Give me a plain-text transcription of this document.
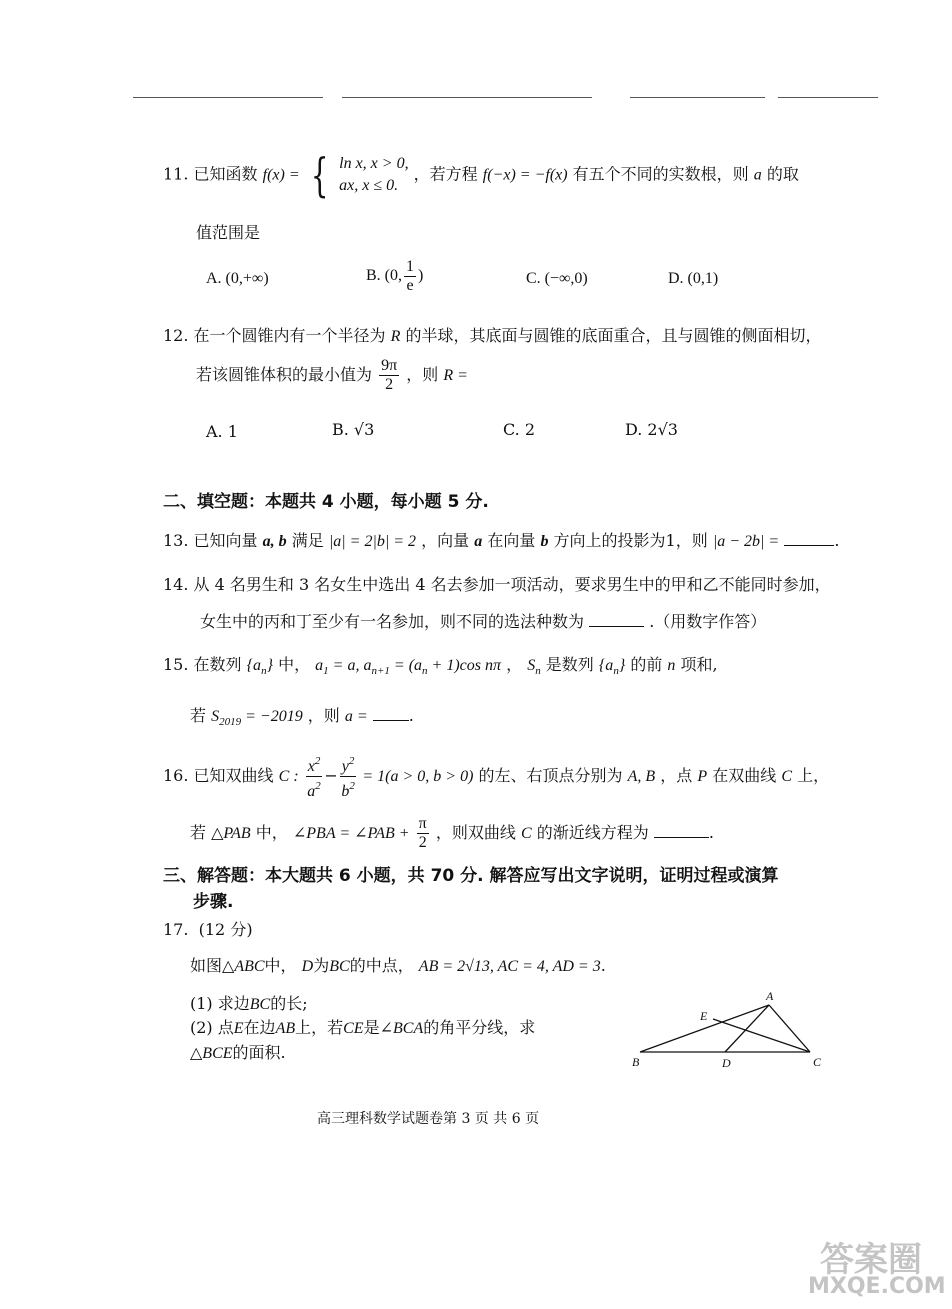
11. 已知函数 f(x) = { ln x, x > 0,
ax, x ≤ 0.
，若方程 f(−x) = −f(x) 有五个不同的实数根，则 a 的取
值范围是
A. (0,+∞)	B. (0, $\frac{1}{e}$ )	C. (−∞,0)	D. (0,1)
12. 在一个圆锥内有一个半径为 R 的半球，其底面与圆锥的底面重合，且与圆锥的侧面相切，
若该圆锥体积的最小值为 $\frac{9\pi}{2}$ ，则 R =
A. 1	B. √3	C. 2	D. 2√3
二、填空题：本题共 4 小题，每小题 5 分.
13. 已知向量 a, b 满足 |a| = 2|b| = 2 ，向量 a 在向量 b 方向上的投影为1，则 |a − 2b| =	.
14. 从 4 名男生和 3 名女生中选出 4 名去参加一项活动，要求男生中的甲和乙不能同时参加，
女生中的丙和丁至少有一名参加，则不同的选法种数为	.（用数字作答）
15. 在数列 $\{a_n\}$ 中， $a_1 = a$, $a_{n+1} = (a_n + 1)\cos$ nπ ， $S_n$ 是数列 $\{a_n\}$ 的前 n 项和,
若 $S_{2019} = -2019$ ，则 a =	.
16. 已知双曲线 C : $\frac{x^2}{a^2} - \frac{y^2}{b^2} = 1(a > 0$, b > 0) 的左、右顶点分别为 A, B ，点 P 在双曲线 C 上，
若 △PAB 中， ∠PBA = ∠PAB + $\frac{\pi}{2}$ ，则双曲线 C 的渐近线方程为	.
三、解答题：本大题共 6 小题，共 70 分. 解答应写出文字说明，证明过程或演算
步骤.
17. (12 分)
如图△ABC中， D为BC的中点， AB = 2√13, AC = 4, AD = 3.
(1) 求边BC的长;
(2) 点E在边AB上，若CE是∠BCA的角平分线，求
△BCE的面积.
A
B	C
D
E
高三理科数学试题卷第 3 页 共 6 页
答案圈
MXQE.COM
